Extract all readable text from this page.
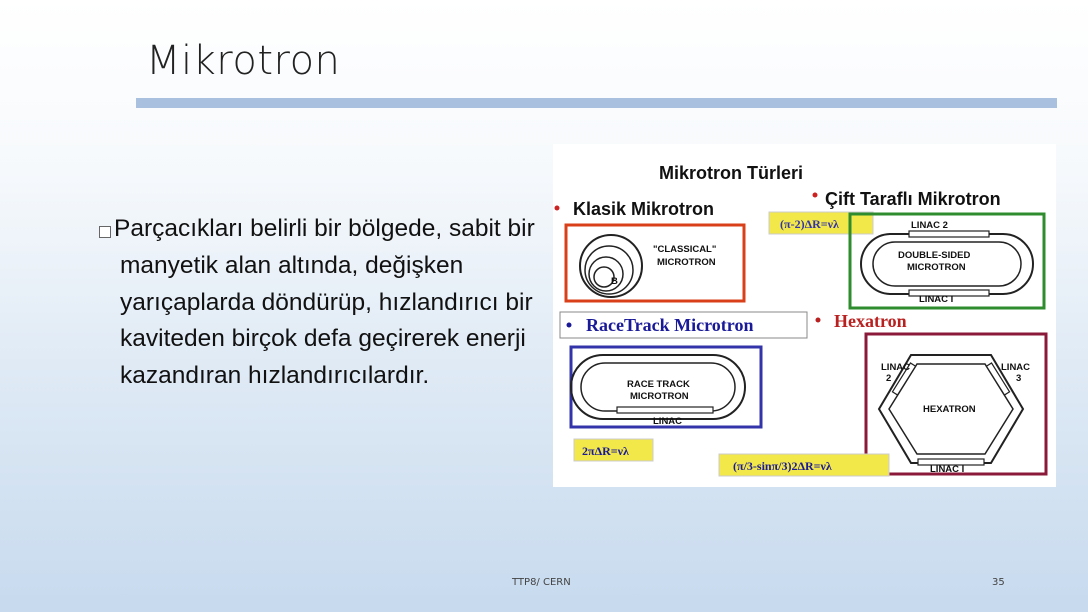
Mikrotron
Parçacıkları belirli bir bölgede, sabit bir manyetik alan altında, değişken yarıçaplarda döndürüp, hızlandırıcı bir kaviteden birçok defa geçirerek enerji kazandıran hızlandırıcılardır.
Mikrotron Türleri
Klasik Mikrotron	Çift Taraflı Mikrotron
B
"CLASSICAL"
MICROTRON
(π-2)ΔR=νλ	LINAC 2
DOUBLE-SIDED
MICROTRON
LINAC I
RaceTrack Microtron	Hexatron
RACE TRACK
MICROTRON
LINAC
2πΔR=νλ
LINAC
2
LINAC
3
HEXATRON
LINAC I
(π/3-sinπ/3)2ΔR=νλ
TTP8/ CERN	35
